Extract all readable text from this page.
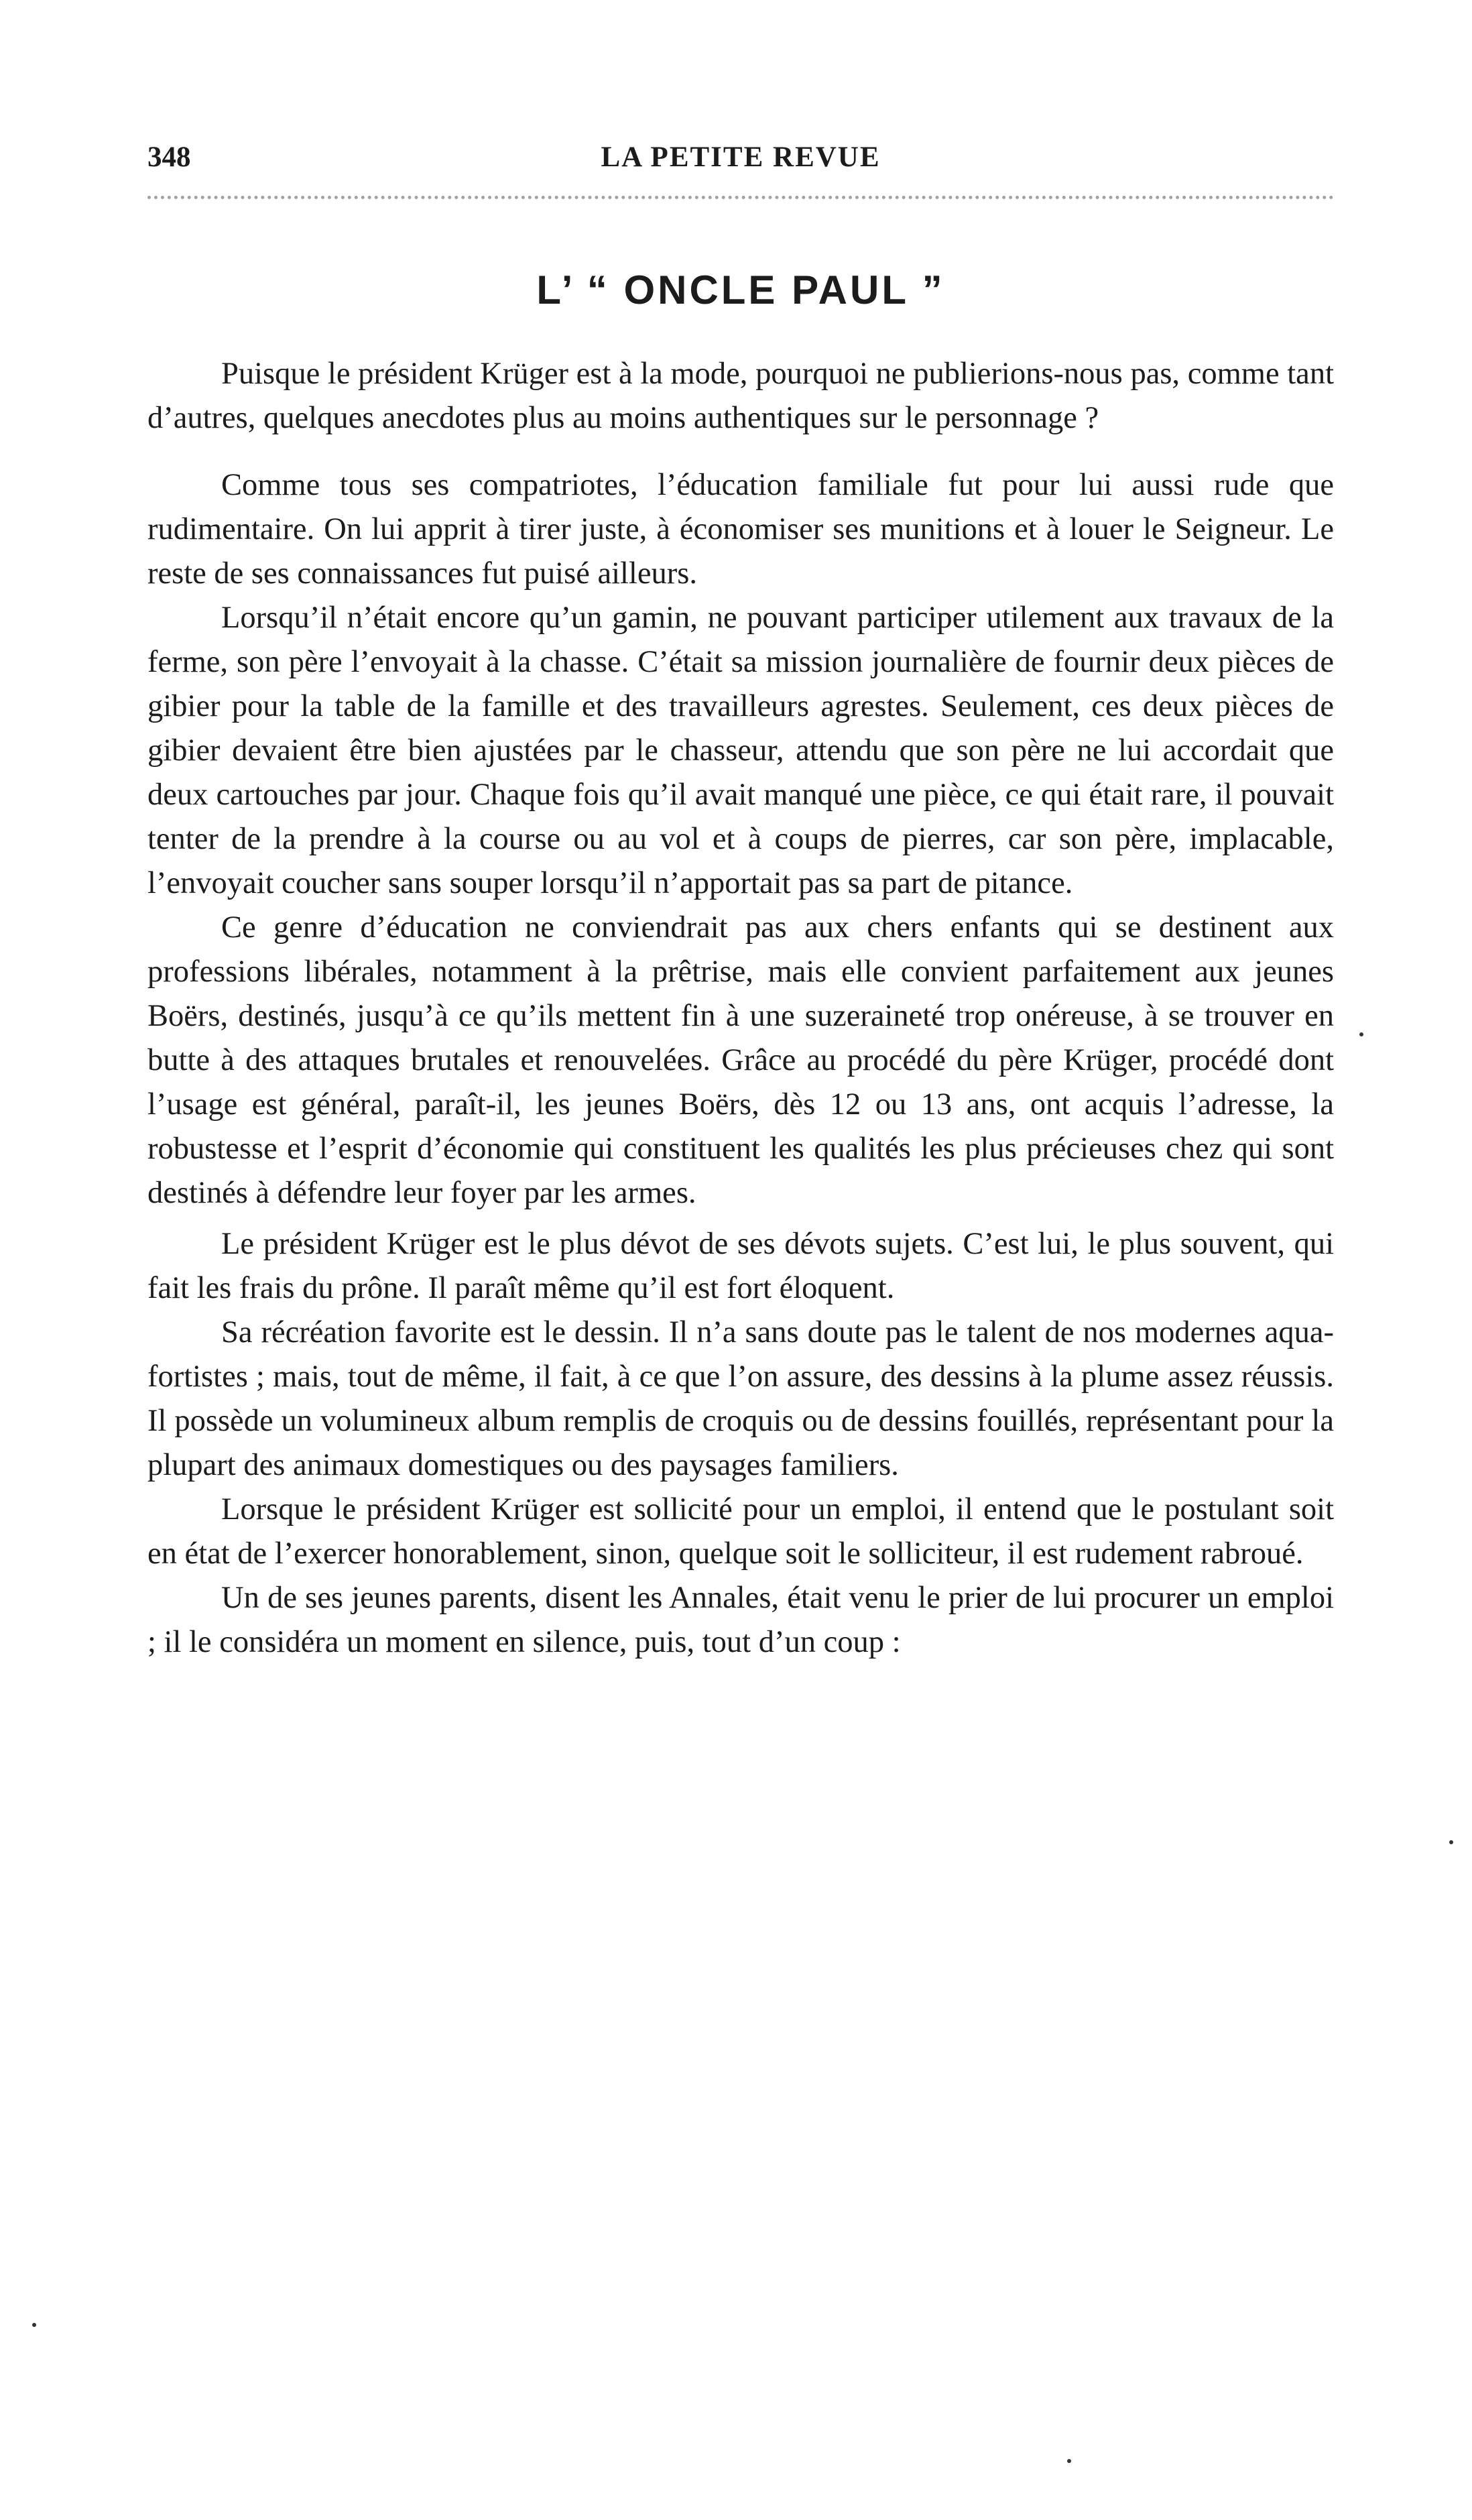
348	LA PETITE REVUE
L’ “ ONCLE PAUL ”

Puisque le président Krüger est à la mode, pourquoi ne publierions-nous pas, comme tant d’autres, quelques anecdotes plus au moins authentiques sur le personnage ?

Comme tous ses compatriotes, l’éducation familiale fut pour lui aussi rude que rudimentaire. On lui apprit à tirer juste, à économiser ses munitions et à louer le Seigneur. Le reste de ses connaissances fut puisé ailleurs.

Lorsqu’il n’était encore qu’un gamin, ne pouvant participer utilement aux travaux de la ferme, son père l’envoyait à la chasse. C’était sa mission journalière de fournir deux pièces de gibier pour la table de la famille et des travailleurs agrestes. Seulement, ces deux pièces de gibier devaient être bien ajustées par le chasseur, attendu que son père ne lui accordait que deux cartouches par jour. Chaque fois qu’il avait manqué une pièce, ce qui était rare, il pouvait tenter de la prendre à la course ou au vol et à coups de pierres, car son père, implacable, l’envoyait coucher sans souper lorsqu’il n’apportait pas sa part de pitance.

Ce genre d’éducation ne conviendrait pas aux chers enfants qui se destinent aux professions libérales, notamment à la prêtrise, mais elle convient parfaitement aux jeunes Boërs, destinés, jusqu’à ce qu’ils mettent fin à une suzeraineté trop onéreuse, à se trouver en butte à des attaques brutales et renouvelées. Grâce au procédé du père Krüger, procédé dont l’usage est général, paraît-il, les jeunes Boërs, dès 12 ou 13 ans, ont acquis l’adresse, la robustesse et l’esprit d’économie qui constituent les qualités les plus précieuses chez qui sont destinés à défendre leur foyer par les armes.

Le président Krüger est le plus dévot de ses dévots sujets. C’est lui, le plus souvent, qui fait les frais du prône. Il paraît même qu’il est fort éloquent.

Sa récréation favorite est le dessin. Il n’a sans doute pas le talent de nos modernes aqua-fortistes ; mais, tout de même, il fait, à ce que l’on assure, des dessins à la plume assez réussis. Il possède un volumineux album remplis de croquis ou de dessins fouillés, représentant pour la plupart des animaux domestiques ou des paysages familiers.

Lorsque le président Krüger est sollicité pour un emploi, il entend que le postulant soit en état de l’exercer honorablement, sinon, quelque soit le solliciteur, il est rudement rabroué.

Un de ses jeunes parents, disent les Annales, était venu le prier de lui procurer un emploi ; il le considéra un moment en silence, puis, tout d’un coup :
